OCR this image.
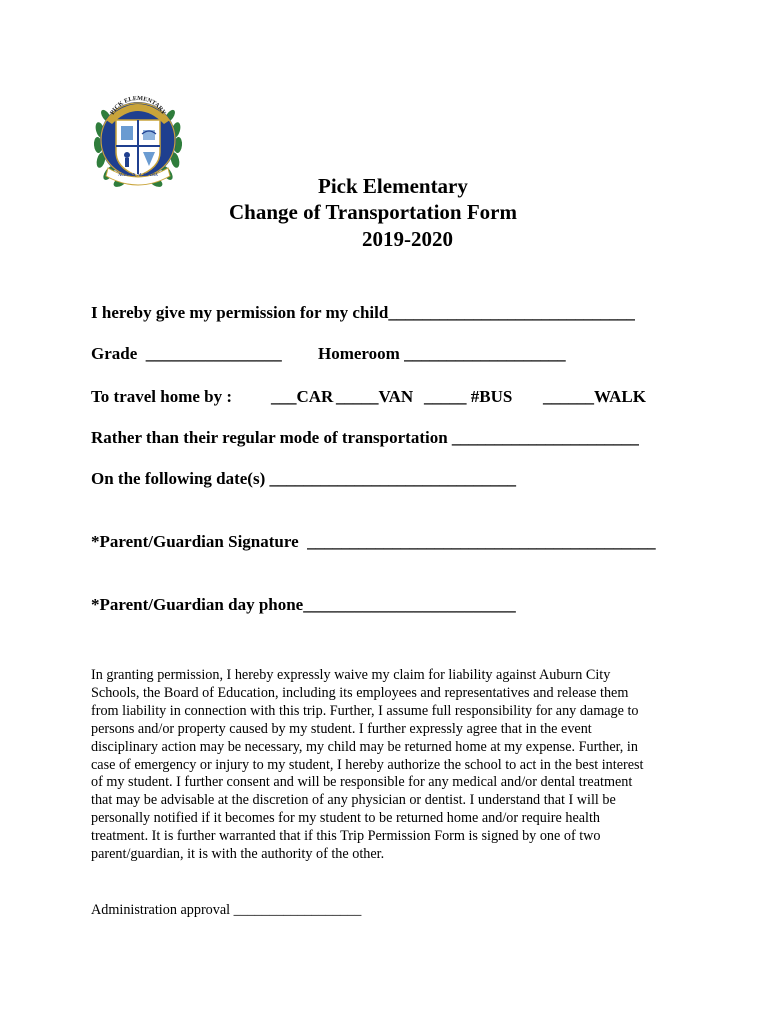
PICK ELEMENTARY
AUBURN, ALABAMA	Pick Elementary
Change of Transportation Form
2019-2020
I hereby give my permission for my child_____________________________
Grade  ________________ Homeroom ___________________
To travel home by : ___CAR _____VAN _____ #BUS ______WALK
Rather than their regular mode of transportation ______________________
On the following date(s) _____________________________
*Parent/Guardian Signature  _________________________________________
*Parent/Guardian day phone_________________________
In granting permission, I hereby expressly waive my claim for liability against Auburn City
Schools, the Board of Education, including its employees and representatives and release them
from liability in connection with this trip. Further, I assume full responsibility for any damage to
persons and/or property caused by my student. I further expressly agree that in the event
disciplinary action may be necessary, my child may be returned home at my expense. Further, in
case of emergency or injury to my student, I hereby authorize the school to act in the best interest
of my student. I further consent and will be responsible for any medical and/or dental treatment
that may be advisable at the discretion of any physician or dentist. I understand that I will be
personally notified if it becomes for my student to be returned home and/or require health
treatment. It is further warranted that if this Trip Permission Form is signed by one of two
parent/guardian, it is with the authority of the other.
Administration approval __________________
